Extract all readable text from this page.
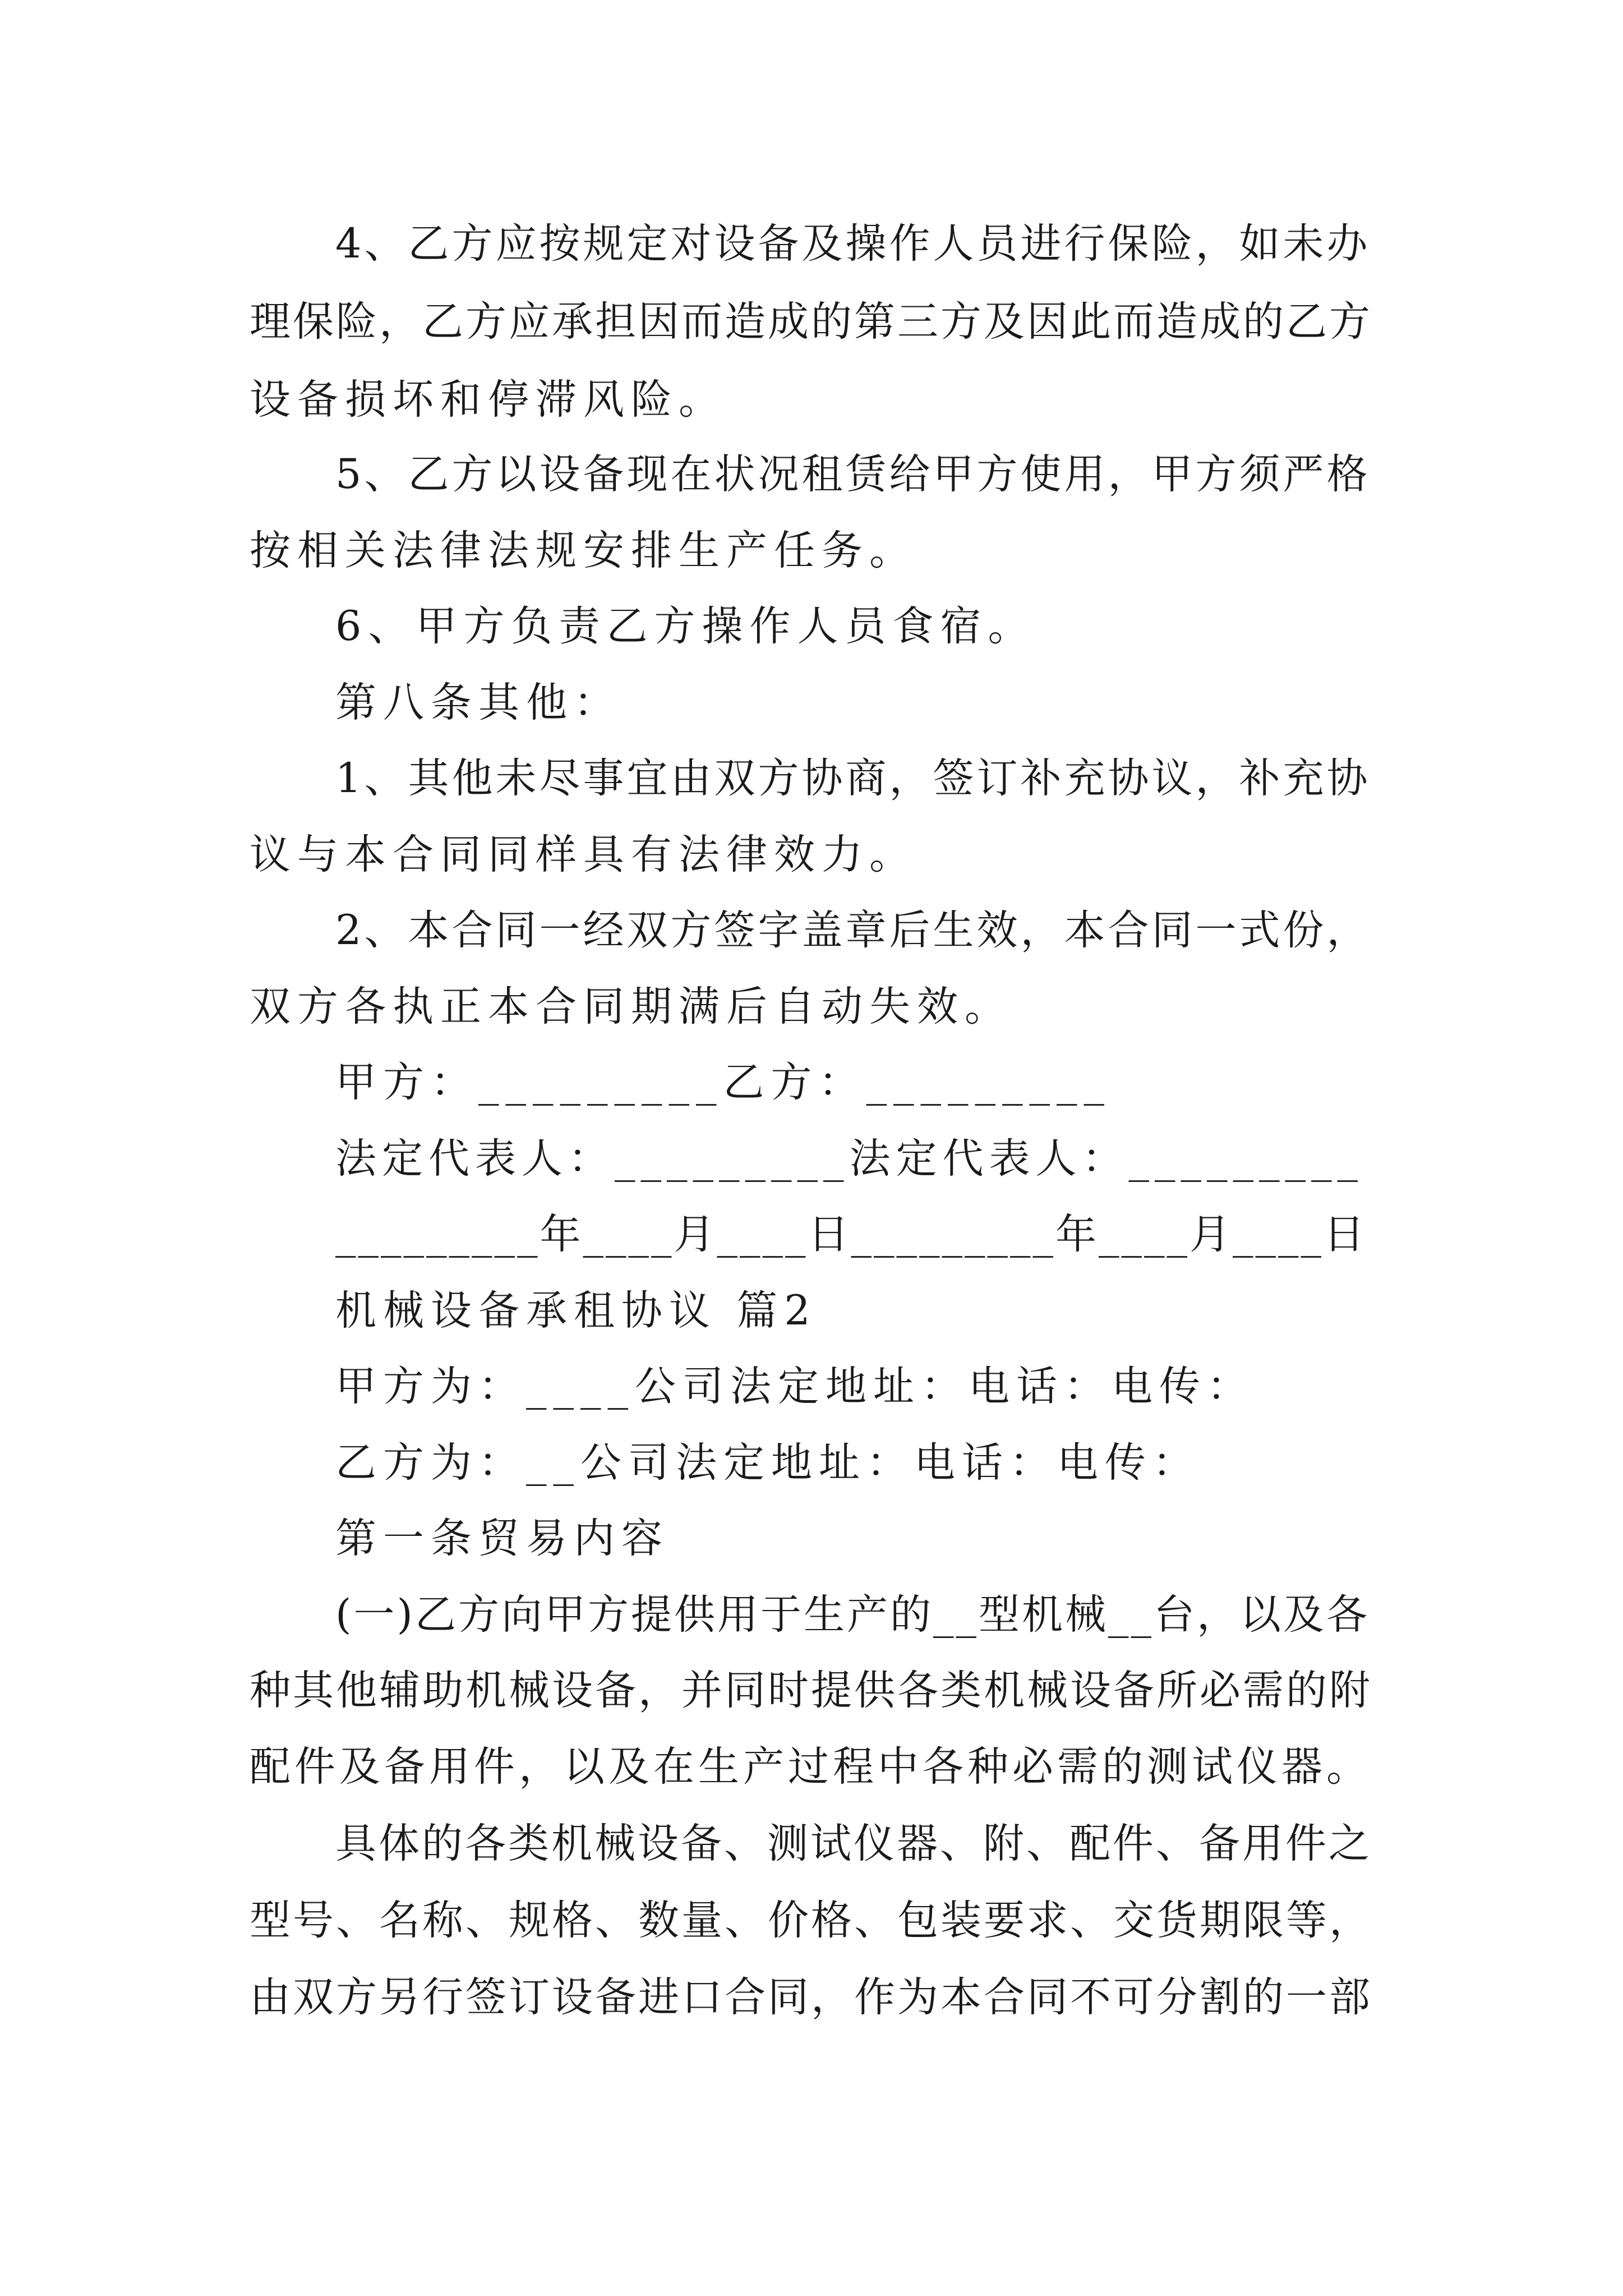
4、乙方应按规定对设备及操作人员进行保险，如未办

理保险，乙方应承担因而造成的第三方及因此而造成的乙方

设备损坏和停滞风险。

5、乙方以设备现在状况租赁给甲方使用，甲方须严格

按相关法律法规安排生产任务。

6、甲方负责乙方操作人员食宿。

第八条其他：

1、其他未尽事宜由双方协商，签订补充协议，补充协

议与本合同同样具有法律效力。

2、本合同一经双方签字盖章后生效，本合同一式份，

双方各执正本合同期满后自动失效。

甲方：_________乙方：_________

法定代表人：_________法定代表人：_________

_________年____月____日_________年____月____日

机械设备承租协议 篇2

甲方为：____公司法定地址：电话：电传：

乙方为：__公司法定地址：电话：电传：

第一条贸易内容

(一)乙方向甲方提供用于生产的__型机械__台，以及各

种其他辅助机械设备，并同时提供各类机械设备所必需的附

配件及备用件，以及在生产过程中各种必需的测试仪器。

具体的各类机械设备、测试仪器、附、配件、备用件之

型号、名称、规格、数量、价格、包装要求、交货期限等，

由双方另行签订设备进口合同，作为本合同不可分割的一部
